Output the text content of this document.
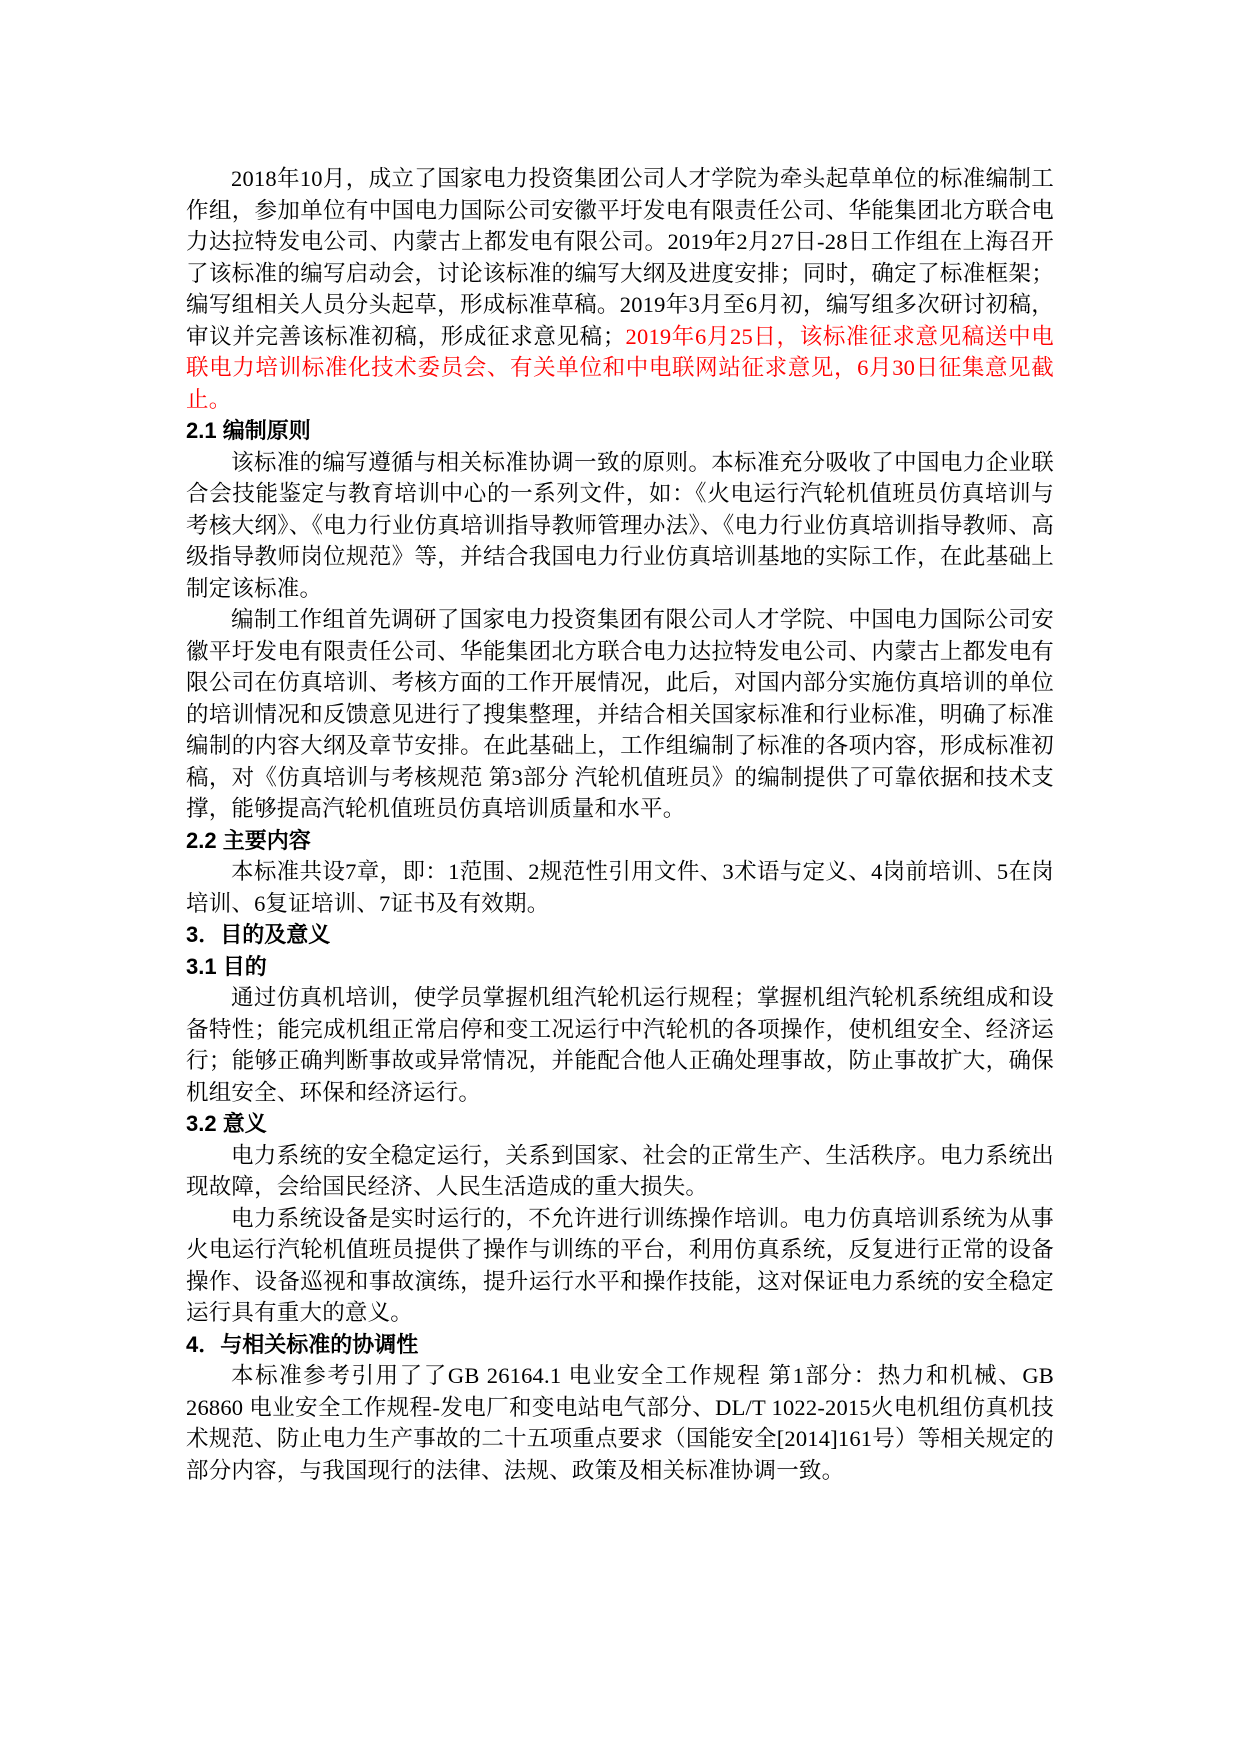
2018年10月，成立了国家电力投资集团公司人才学院为牵头起草单位的标准编制工作组，参加单位有中国电力国际公司安徽平圩发电有限责任公司、华能集团北方联合电力达拉特发电公司、内蒙古上都发电有限公司。2019年2月27日-28日工作组在上海召开了该标准的编写启动会，讨论该标准的编写大纲及进度安排；同时，确定了标准框架；编写组相关人员分头起草，形成标准草稿。2019年3月至6月初，编写组多次研讨初稿，审议并完善该标准初稿，形成征求意见稿；2019年6月25日，该标准征求意见稿送中电联电力培训标准化技术委员会、有关单位和中电联网站征求意见，6月30日征集意见截止。

2.1 编制原则

该标准的编写遵循与相关标准协调一致的原则。本标准充分吸收了中国电力企业联合会技能鉴定与教育培训中心的一系列文件，如：《火电运行汽轮机值班员仿真培训与考核大纲》、《电力行业仿真培训指导教师管理办法》、《电力行业仿真培训指导教师、高级指导教师岗位规范》等，并结合我国电力行业仿真培训基地的实际工作，在此基础上制定该标准。

编制工作组首先调研了国家电力投资集团有限公司人才学院、中国电力国际公司安徽平圩发电有限责任公司、华能集团北方联合电力达拉特发电公司、内蒙古上都发电有限公司在仿真培训、考核方面的工作开展情况，此后，对国内部分实施仿真培训的单位的培训情况和反馈意见进行了搜集整理，并结合相关国家标准和行业标准，明确了标准编制的内容大纲及章节安排。在此基础上，工作组编制了标准的各项内容，形成标准初稿，对《仿真培训与考核规范 第3部分 汽轮机值班员》的编制提供了可靠依据和技术支撑，能够提高汽轮机值班员仿真培训质量和水平。

2.2 主要内容

本标准共设7章，即：1范围、2规范性引用文件、3术语与定义、4岗前培训、5在岗培训、6复证培训、7证书及有效期。

3．目的及意义
3.1 目的

通过仿真机培训，使学员掌握机组汽轮机运行规程；掌握机组汽轮机系统组成和设备特性；能完成机组正常启停和变工况运行中汽轮机的各项操作，使机组安全、经济运行；能够正确判断事故或异常情况，并能配合他人正确处理事故，防止事故扩大，确保机组安全、环保和经济运行。

3.2 意义

电力系统的安全稳定运行，关系到国家、社会的正常生产、生活秩序。电力系统出现故障，会给国民经济、人民生活造成的重大损失。

电力系统设备是实时运行的，不允许进行训练操作培训。电力仿真培训系统为从事火电运行汽轮机值班员提供了操作与训练的平台，利用仿真系统，反复进行正常的设备操作、设备巡视和事故演练，提升运行水平和操作技能，这对保证电力系统的安全稳定运行具有重大的意义。

4．与相关标准的协调性

本标准参考引用了了GB 26164.1 电业安全工作规程 第1部分：热力和机械、GB 26860 电业安全工作规程-发电厂和变电站电气部分、DL/T 1022-2015火电机组仿真机技术规范、防止电力生产事故的二十五项重点要求（国能安全[2014]161号）等相关规定的部分内容，与我国现行的法律、法规、政策及相关标准协调一致。
